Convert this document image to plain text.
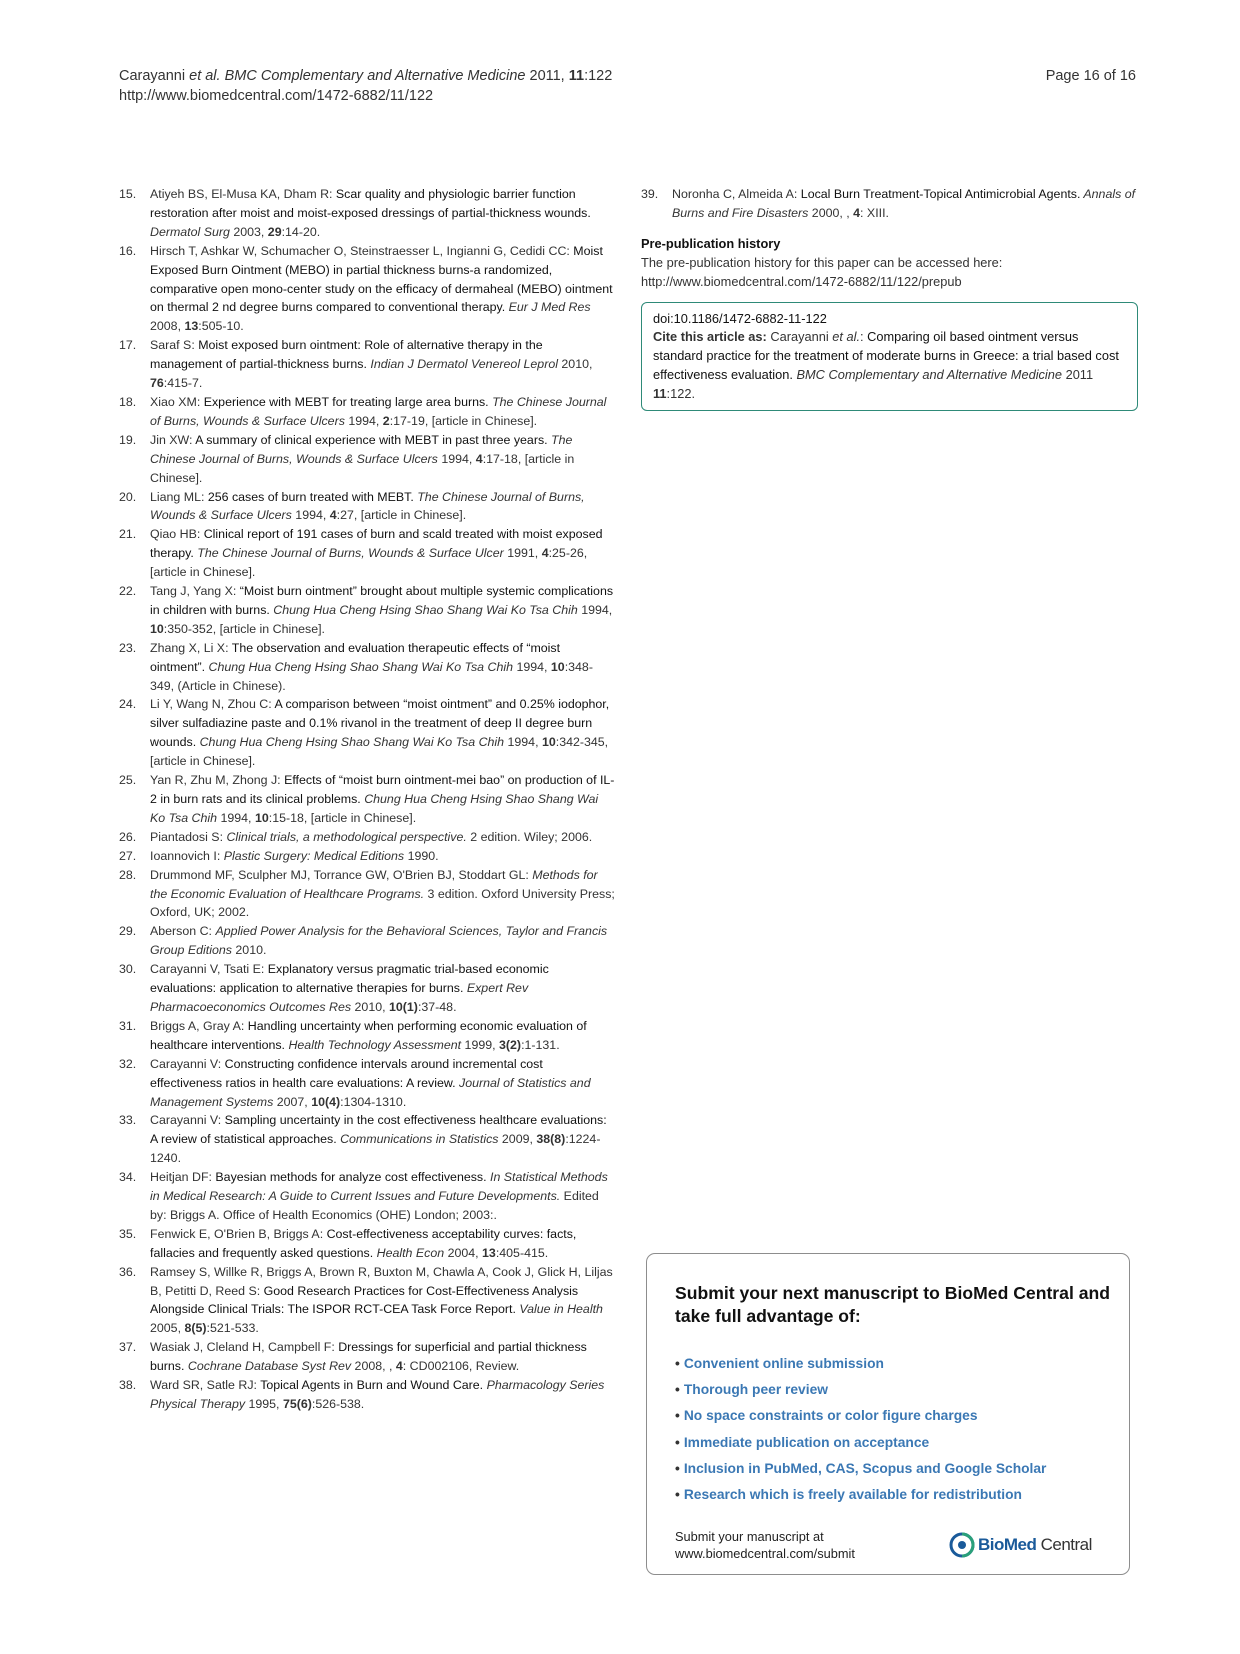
Carayanni et al. BMC Complementary and Alternative Medicine 2011, 11:122	Page 16 of 16
http://www.biomedcentral.com/1472-6882/11/122
15. Atiyeh BS, El-Musa KA, Dham R: Scar quality and physiologic barrier function restoration after moist and moist-exposed dressings of partial-thickness wounds. Dermatol Surg 2003, 29:14-20.
16. Hirsch T, Ashkar W, Schumacher O, Steinstraesser L, Ingianni G, Cedidi CC: Moist Exposed Burn Ointment (MEBO) in partial thickness burns-a randomized, comparative open mono-center study on the efficacy of dermaheal (MEBO) ointment on thermal 2 nd degree burns compared to conventional therapy. Eur J Med Res 2008, 13:505-10.
17. Saraf S: Moist exposed burn ointment: Role of alternative therapy in the management of partial-thickness burns. Indian J Dermatol Venereol Leprol 2010, 76:415-7.
18. Xiao XM: Experience with MEBT for treating large area burns. The Chinese Journal of Burns, Wounds & Surface Ulcers 1994, 2:17-19, [article in Chinese].
19. Jin XW: A summary of clinical experience with MEBT in past three years. The Chinese Journal of Burns, Wounds & Surface Ulcers 1994, 4:17-18, [article in Chinese].
20. Liang ML: 256 cases of burn treated with MEBT. The Chinese Journal of Burns, Wounds & Surface Ulcers 1994, 4:27, [article in Chinese].
21. Qiao HB: Clinical report of 191 cases of burn and scald treated with moist exposed therapy. The Chinese Journal of Burns, Wounds & Surface Ulcer 1991, 4:25-26, [article in Chinese].
22. Tang J, Yang X: “Moist burn ointment” brought about multiple systemic complications in children with burns. Chung Hua Cheng Hsing Shao Shang Wai Ko Tsa Chih 1994, 10:350-352, [article in Chinese].
23. Zhang X, Li X: The observation and evaluation therapeutic effects of “moist ointment”. Chung Hua Cheng Hsing Shao Shang Wai Ko Tsa Chih 1994, 10:348-349, (Article in Chinese).
24. Li Y, Wang N, Zhou C: A comparison between “moist ointment” and 0.25% iodophor, silver sulfadiazine paste and 0.1% rivanol in the treatment of deep II degree burn wounds. Chung Hua Cheng Hsing Shao Shang Wai Ko Tsa Chih 1994, 10:342-345, [article in Chinese].
25. Yan R, Zhu M, Zhong J: Effects of “moist burn ointment-mei bao” on production of IL-2 in burn rats and its clinical problems. Chung Hua Cheng Hsing Shao Shang Wai Ko Tsa Chih 1994, 10:15-18, [article in Chinese].
26. Piantadosi S: Clinical trials, a methodological perspective. 2 edition. Wiley; 2006.
27. Ioannovich I: Plastic Surgery: Medical Editions 1990.
28. Drummond MF, Sculpher MJ, Torrance GW, O'Brien BJ, Stoddart GL: Methods for the Economic Evaluation of Healthcare Programs. 3 edition. Oxford University Press; Oxford, UK; 2002.
29. Aberson C: Applied Power Analysis for the Behavioral Sciences, Taylor and Francis Group Editions 2010.
30. Carayanni V, Tsati E: Explanatory versus pragmatic trial-based economic evaluations: application to alternative therapies for burns. Expert Rev Pharmacoeconomics Outcomes Res 2010, 10(1):37-48.
31. Briggs A, Gray A: Handling uncertainty when performing economic evaluation of healthcare interventions. Health Technology Assessment 1999, 3(2):1-131.
32. Carayanni V: Constructing confidence intervals around incremental cost effectiveness ratios in health care evaluations: A review. Journal of Statistics and Management Systems 2007, 10(4):1304-1310.
33. Carayanni V: Sampling uncertainty in the cost effectiveness healthcare evaluations: A review of statistical approaches. Communications in Statistics 2009, 38(8):1224-1240.
34. Heitjan DF: Bayesian methods for analyze cost effectiveness. In Statistical Methods in Medical Research: A Guide to Current Issues and Future Developments. Edited by: Briggs A. Office of Health Economics (OHE) London; 2003:.
35. Fenwick E, O'Brien B, Briggs A: Cost-effectiveness acceptability curves: facts, fallacies and frequently asked questions. Health Econ 2004, 13:405-415.
36. Ramsey S, Willke R, Briggs A, Brown R, Buxton M, Chawla A, Cook J, Glick H, Liljas B, Petitti D, Reed S: Good Research Practices for Cost-Effectiveness Analysis Alongside Clinical Trials: The ISPOR RCT-CEA Task Force Report. Value in Health 2005, 8(5):521-533.
37. Wasiak J, Cleland H, Campbell F: Dressings for superficial and partial thickness burns. Cochrane Database Syst Rev 2008, , 4: CD002106, Review.
38. Ward SR, Satle RJ: Topical Agents in Burn and Wound Care. Pharmacology Series Physical Therapy 1995, 75(6):526-538.
39. Noronha C, Almeida A: Local Burn Treatment-Topical Antimicrobial Agents. Annals of Burns and Fire Disasters 2000, , 4: XIII.
Pre-publication history
The pre-publication history for this paper can be accessed here:
http://www.biomedcentral.com/1472-6882/11/122/prepub
doi:10.1186/1472-6882-11-122
Cite this article as: Carayanni et al.: Comparing oil based ointment versus standard practice for the treatment of moderate burns in Greece: a trial based cost effectiveness evaluation. BMC Complementary and Alternative Medicine 2011 11:122.
Submit your next manuscript to BioMed Central and take full advantage of:
• Convenient online submission
• Thorough peer review
• No space constraints or color figure charges
• Immediate publication on acceptance
• Inclusion in PubMed, CAS, Scopus and Google Scholar
• Research which is freely available for redistribution
Submit your manuscript at
www.biomedcentral.com/submit	BioMed Central
